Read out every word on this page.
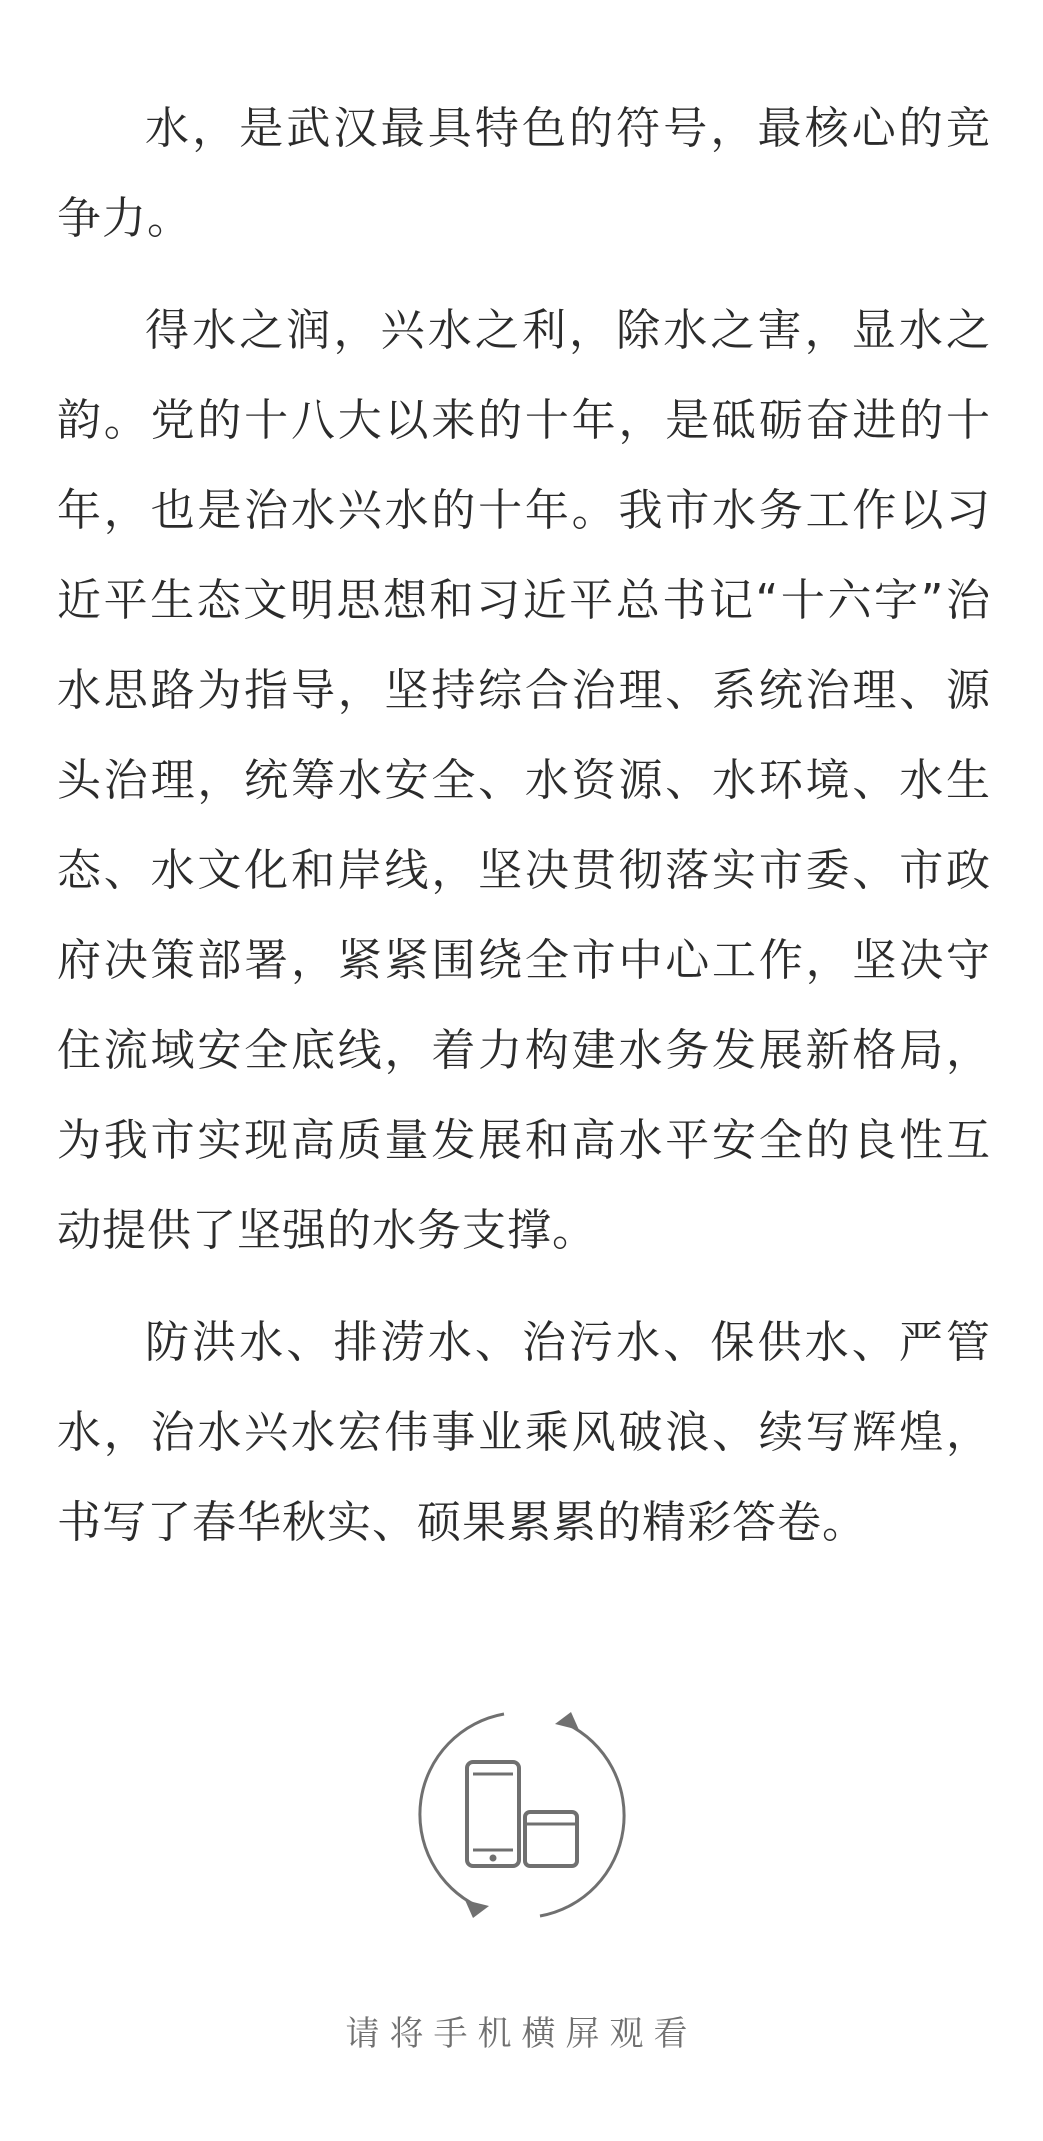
水，是武汉最具特色的符号，最核心的竞争力。

得水之润，兴水之利，除水之害，显水之韵。党的十八大以来的十年，是砥砺奋进的十年，也是治水兴水的十年。我市水务工作以习近平生态文明思想和习近平总书记“十六字”治水思路为指导，坚持综合治理、系统治理、源头治理，统筹水安全、水资源、水环境、水生态、水文化和岸线，坚决贯彻落实市委、市政府决策部署，紧紧围绕全市中心工作，坚决守住流域安全底线，着力构建水务发展新格局，为我市实现高质量发展和高水平安全的良性互动提供了坚强的水务支撑。

防洪水、排涝水、治污水、保供水、严管水，治水兴水宏伟事业乘风破浪、续写辉煌，书写了春华秋实、硕果累累的精彩答卷。

请将手机横屏观看
